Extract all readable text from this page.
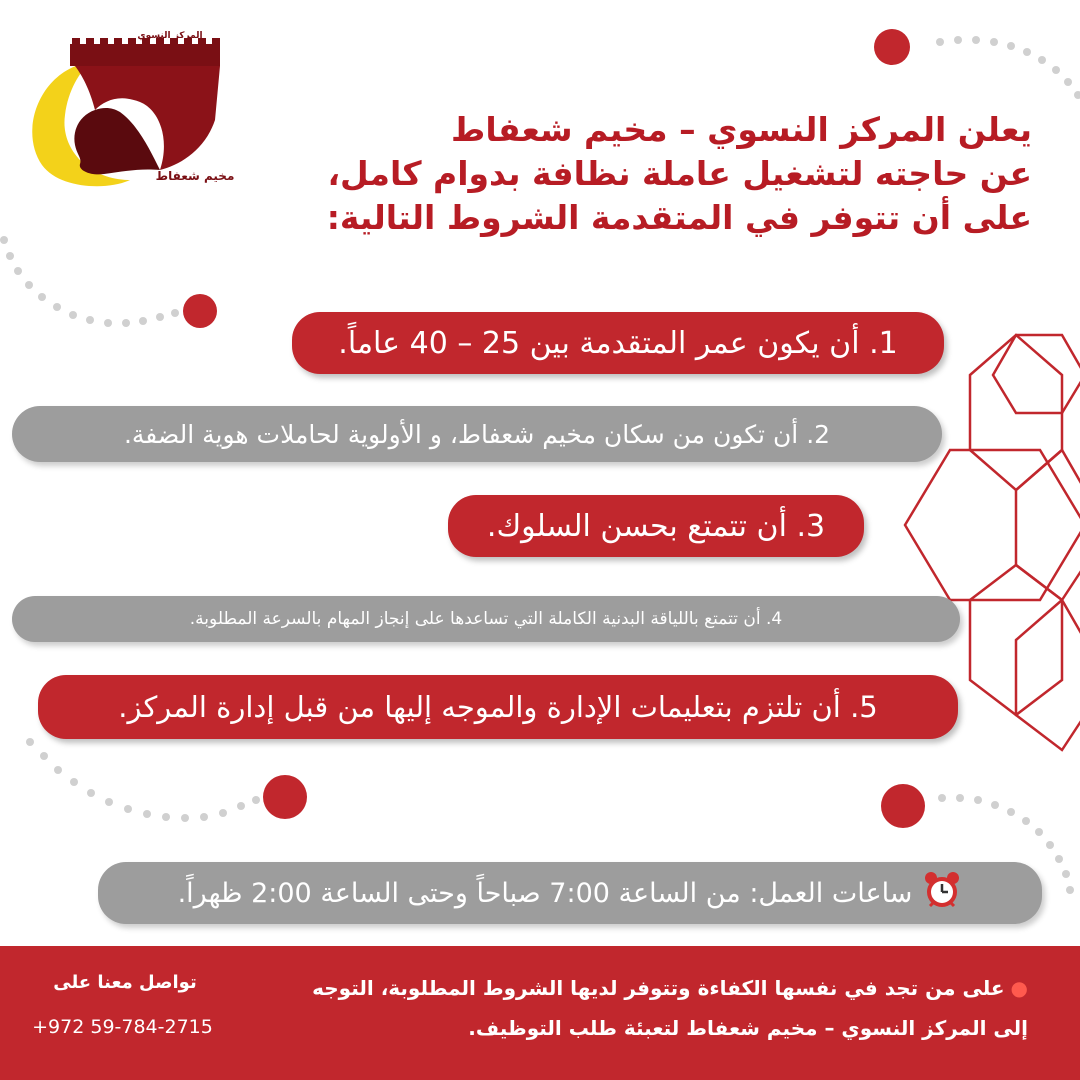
المركز النسوي
مخيم شعفاط
يعلن المركز النسوي – مخيم شعفاط
عن حاجته لتشغيل عاملة نظافة بدوام كامل،
على أن تتوفر في المتقدمة الشروط التالية:
1. أن يكون عمر المتقدمة بين 25 – 40 عاماً.
2. أن تكون من سكان مخيم شعفاط، و الأولوية لحاملات هوية الضفة.
3. أن تتمتع بحسن السلوك.
4. أن تتمتع باللياقة البدنية الكاملة التي تساعدها على إنجاز المهام بالسرعة المطلوبة.
5. أن تلتزم بتعليمات الإدارة والموجه إليها من قبل إدارة المركز.
ساعات العمل: من الساعة 7:00 صباحاً وحتى الساعة 2:00 ظهراً.
●على من تجد في نفسها الكفاءة وتتوفر لديها الشروط المطلوبة، التوجه
إلى المركز النسوي – مخيم شعفاط لتعبئة طلب التوظيف.
تواصل معنا على
+972 59-784-2715
